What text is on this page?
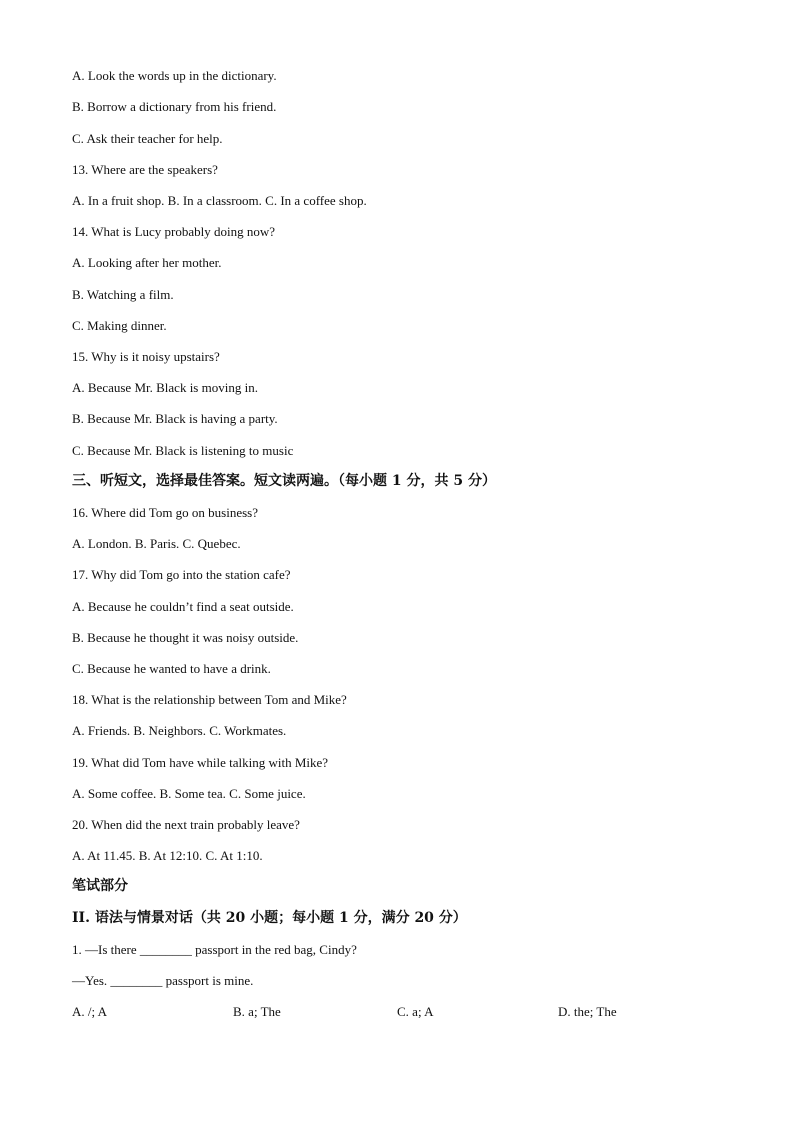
A. Look the words up in the dictionary.
B. Borrow a dictionary from his friend.
C. Ask their teacher for help.
13. Where are the speakers?
A. In a fruit shop. B. In a classroom. C. In a coffee shop.
14. What is Lucy probably doing now?
A. Looking after her mother.
B. Watching a film.
C. Making dinner.
15. Why is it noisy upstairs?
A. Because Mr. Black is moving in.
B. Because Mr. Black is having a party.
C. Because Mr. Black is listening to music
三、听短文，选择最佳答案。短文读两遍。（每小题 1 分，共 5 分）
16. Where did Tom go on business?
A. London. B. Paris. C. Quebec.
17. Why did Tom go into the station cafe?
A. Because he couldn’t find a seat outside.
B. Because he thought it was noisy outside.
C. Because he wanted to have a drink.
18. What is the relationship between Tom and Mike?
A. Friends. B. Neighbors. C. Workmates.
19. What did Tom have while talking with Mike?
A. Some coffee. B. Some tea. C. Some juice.
20. When did the next train probably leave?
A. At 11.45. B. At 12:10. C. At 1:10.
笔试部分
II. 语法与情景对话（共 20 小题；每小题 1 分，满分 20 分）
1. —Is there ________ passport in the red bag, Cindy?
—Yes. ________ passport is mine.
A. /; A	B. a; The	C. a; A	D. the; The
